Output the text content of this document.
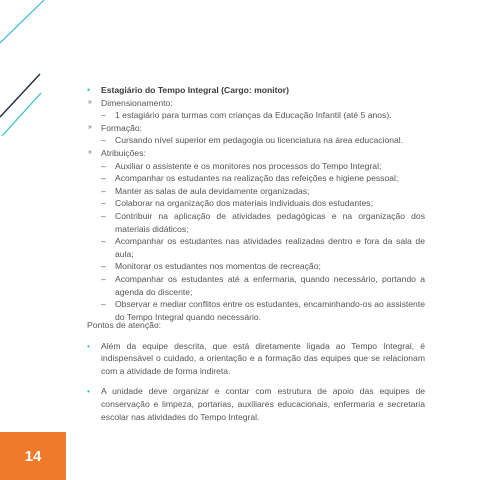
• Estagiário do Tempo Integral (Cargo: monitor)
» Dimensionamento:
– 1 estagiário para turmas com crianças da Educação Infantil (até 5 anos).
» Formação:
– Cursando nível superior em pedagogia ou licenciatura na área educacional.
» Atribuições:
– Auxiliar o assistente e os monitores nos processos do Tempo Integral;
– Acompanhar os estudantes na realização das refeições e higiene pessoal;
– Manter as salas de aula devidamente organizadas;
– Colaborar na organização dos materiais individuais dos estudantes;
– Contribuir na aplicação de atividades pedagógicas e na organização dos materiais didáticos;
– Acompanhar os estudantes nas atividades realizadas dentro e fora da sala de aula;
– Monitorar os estudantes nos momentos de recreação;
– Acompanhar os estudantes até a enfermaria, quando necessário, portando a agenda do discente;
– Observar e mediar conflitos entre os estudantes, encaminhando-os ao assistente do Tempo Integral quando necessário.
Pontos de atenção:
• Além da equipe descrita, que está diretamente ligada ao Tempo Integral, é indispensável o cuidado, a orientação e a formação das equipes que se relacionam com a atividade de forma indireta.
• A unidade deve organizar e contar com estrutura de apoio das equipes de conservação e limpeza, portarias, auxiliares educacionais, enfermaria e secretaria escolar nas atividades do Tempo Integral.
14
